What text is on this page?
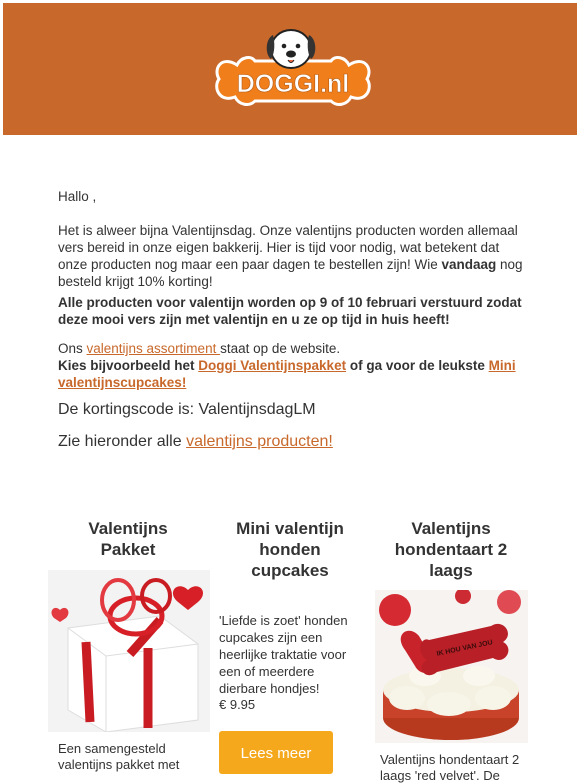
DOGGI.nl

Hallo ,

Het is alweer bijna Valentijnsdag. Onze valentijns producten worden allemaal vers bereid in onze eigen bakkerij. Hier is tijd voor nodig, wat betekent dat onze producten nog maar een paar dagen te bestellen zijn! Wie vandaag nog besteld krijgt 10% korting!

Alle producten voor valentijn worden op 9 of 10 februari verstuurd zodat deze mooi vers zijn met valentijn en u ze op tijd in huis heeft!

Ons valentijns assortiment staat op de website.

Kies bijvoorbeeld het Doggi Valentijnspakket of ga voor de leukste Mini valentijnscupcakes!

De kortingscode is: ValentijnsdagLM

Zie hieronder alle valentijns producten!

Valentijns Pakket
Een samengesteld valentijns pakket met
Mini valentijn honden cupcakes
'Liefde is zoet' honden cupcakes zijn een heerlijke traktatie voor een of meerdere dierbare hondjes!
€ 9.95
Lees meer
Valentijns hondentaart 2 laags
IK HOU VAN JOU
Valentijns hondentaart 2 laags 'red velvet'. De
